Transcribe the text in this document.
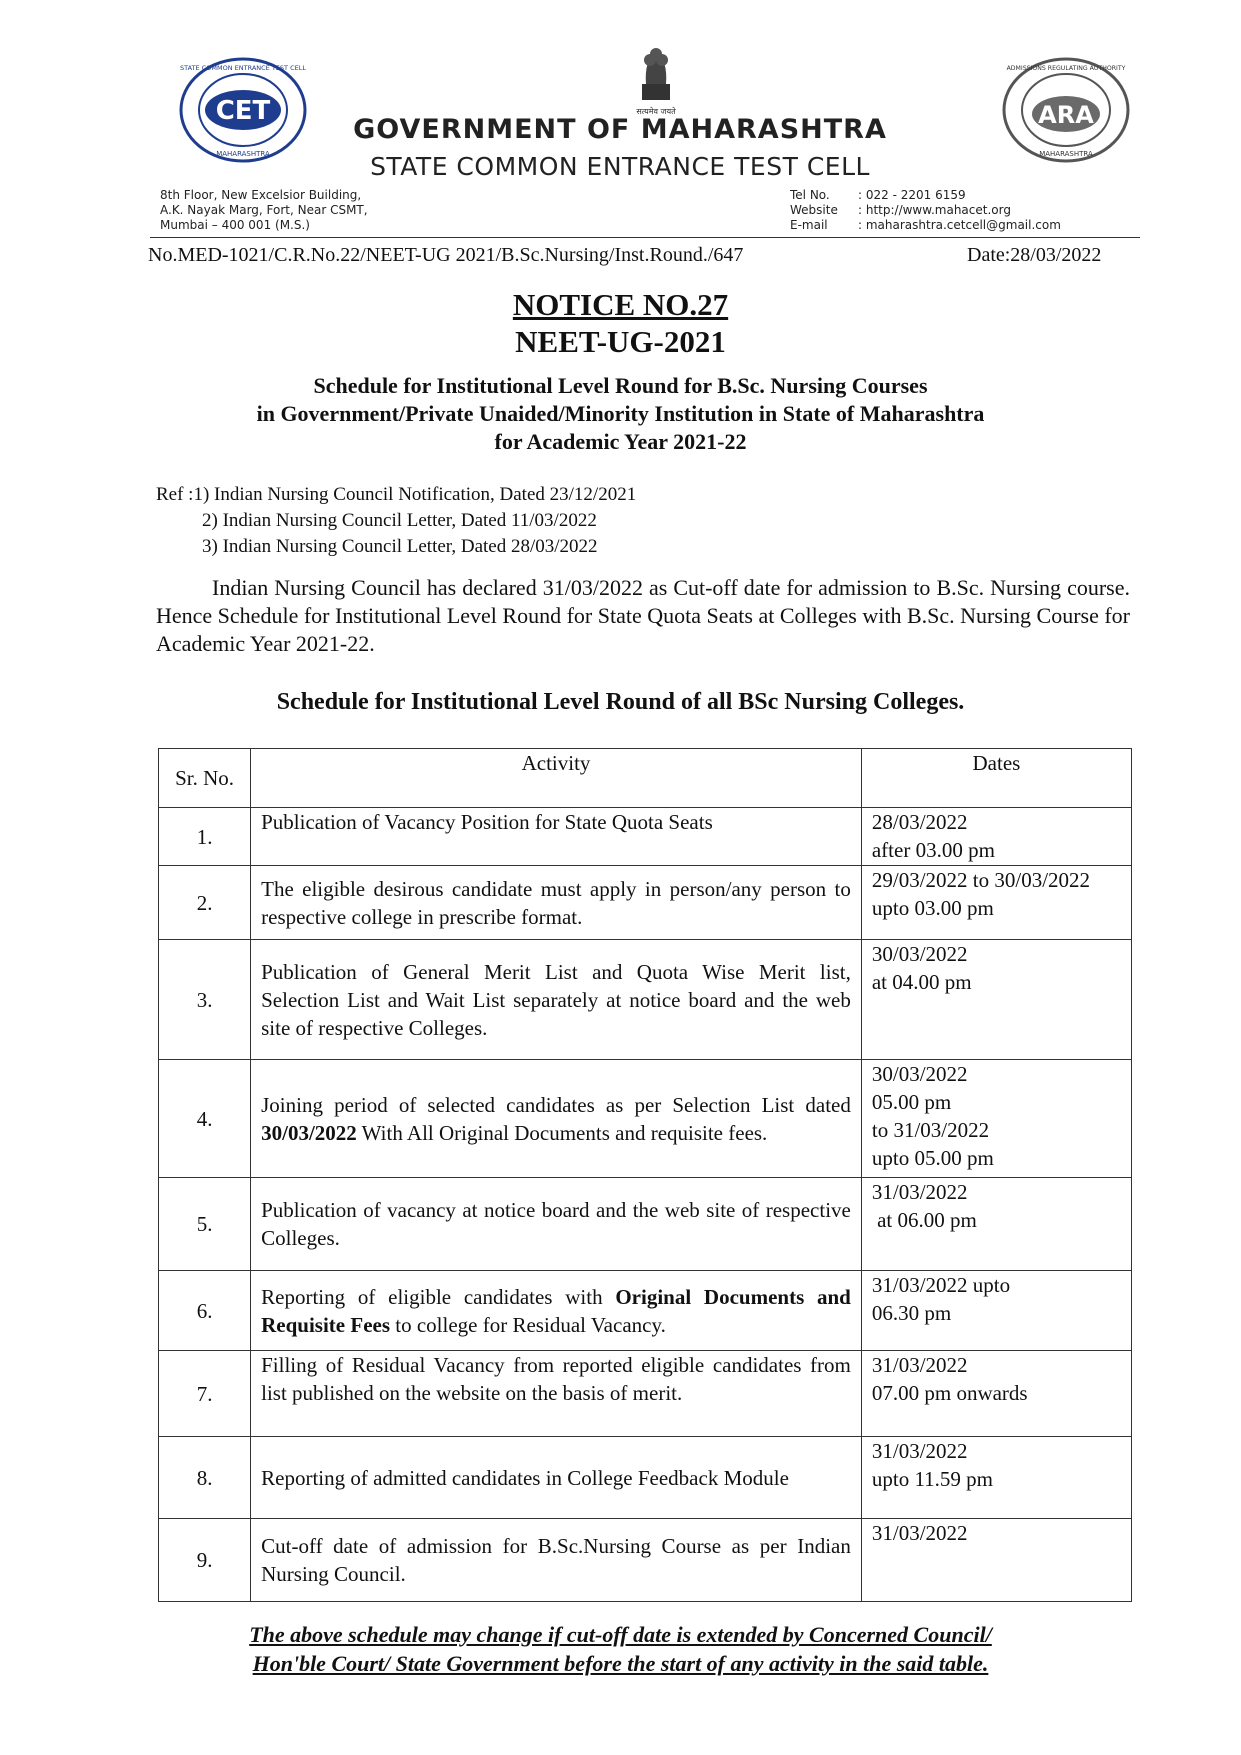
CET
STATE COMMON ENTRANCE TEST CELL
MAHARASHTRA
सत्यमेव जयते	ARA
ADMISSIONS REGULATING AUTHORITY
MAHARASHTRA
GOVERNMENT OF MAHARASHTRA
STATE COMMON ENTRANCE TEST CELL
8th Floor, New Excelsior Building,
A.K. Nayak Marg, Fort, Near CSMT,
Mumbai – 400 001 (M.S.)
Tel No. : 022 - 2201 6159
Website : http://www.mahacet.org
E-mail	: maharashtra.cetcell@gmail.com
No.MED-1021/C.R.No.22/NEET-UG 2021/B.Sc.Nursing/Inst.Round./647	Date:28/03/2022
NOTICE NO.27
NEET-UG-2021
Schedule for Institutional Level Round for B.Sc. Nursing Courses
in Government/Private Unaided/Minority Institution in State of Maharashtra
for Academic Year 2021-22
Ref :1) Indian Nursing Council Notification, Dated 23/12/2021
2) Indian Nursing Council Letter, Dated 11/03/2022
3) Indian Nursing Council Letter, Dated 28/03/2022
Indian Nursing Council has declared 31/03/2022 as Cut-off date for admission to B.Sc. Nursing course. Hence Schedule for Institutional Level Round for State Quota Seats at Colleges with B.Sc. Nursing Course for Academic Year 2021-22.
Schedule for Institutional Level Round of all BSc Nursing Colleges.
Sr. No.	Activity	Dates
1.	Publication of Vacancy Position for State Quota Seats	28/03/2022
after 03.00 pm

2.	The eligible desirous candidate must apply in person/any person to respective college in prescribe format.	29/03/2022 to 30/03/2022
upto 03.00 pm

3.	Publication of General Merit List and Quota Wise Merit list, Selection List and Wait List separately at notice board and the web site of respective Colleges.	30/03/2022
at 04.00 pm

4.	Joining period of selected candidates as per Selection List dated 30/03/2022 With All Original Documents and requisite fees.	30/03/2022
05.00 pm
to 31/03/2022
upto 05.00 pm

5.	Publication of vacancy at notice board and the web site of respective Colleges.	31/03/2022
at 06.00 pm

6.	Reporting of eligible candidates with Original Documents and Requisite Fees to college for Residual Vacancy.	31/03/2022 upto
06.30 pm

7.	Filling of Residual Vacancy from reported eligible candidates from list published on the website on the basis of merit.	31/03/2022
07.00 pm onwards

8.	Reporting of admitted candidates in College Feedback Module	31/03/2022
upto 11.59 pm

9.	Cut-off date of admission for B.Sc.Nursing Course as per Indian Nursing Council.	31/03/2022
The above schedule may change if cut-off date is extended by Concerned Council/
Hon'ble Court/ State Government before the start of any activity in the said table.
